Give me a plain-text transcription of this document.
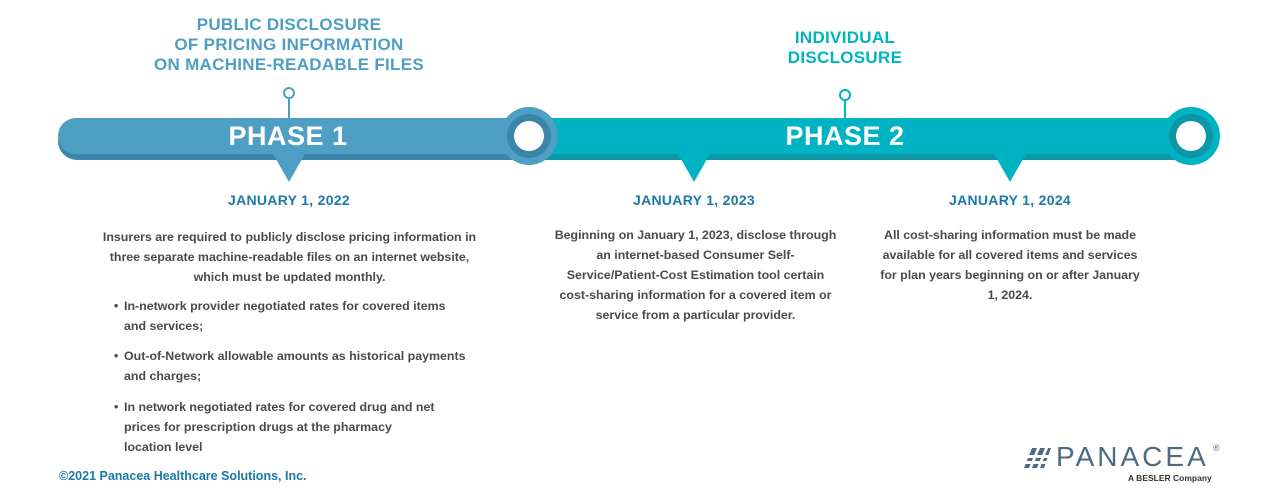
PUBLIC DISCLOSURE
OF PRICING INFORMATION
ON MACHINE-READABLE FILES
INDIVIDUAL
DISCLOSURE
PHASE 1	PHASE 2
JANUARY 1, 2022	JANUARY 1, 2023	JANUARY 1, 2024
Insurers are required to publicly disclose pricing information in three separate machine-readable files on an internet website, which must be updated monthly.
• In-network provider negotiated rates for covered items
and services;
• Out-of-Network allowable amounts as historical payments
and charges;
• In network negotiated rates for covered drug and net
prices for prescription drugs at the pharmacy
location level
Beginning on January 1, 2023, disclose through an internet-based Consumer Self-Service/Patient-Cost Estimation tool certain cost-sharing information for a covered item or service from a particular provider.
All cost-sharing information must be made available for all covered items and services for plan years beginning on or after January 1, 2024.
©2021 Panacea Healthcare Solutions, Inc.
PANACEA ®
A BESLER Company
